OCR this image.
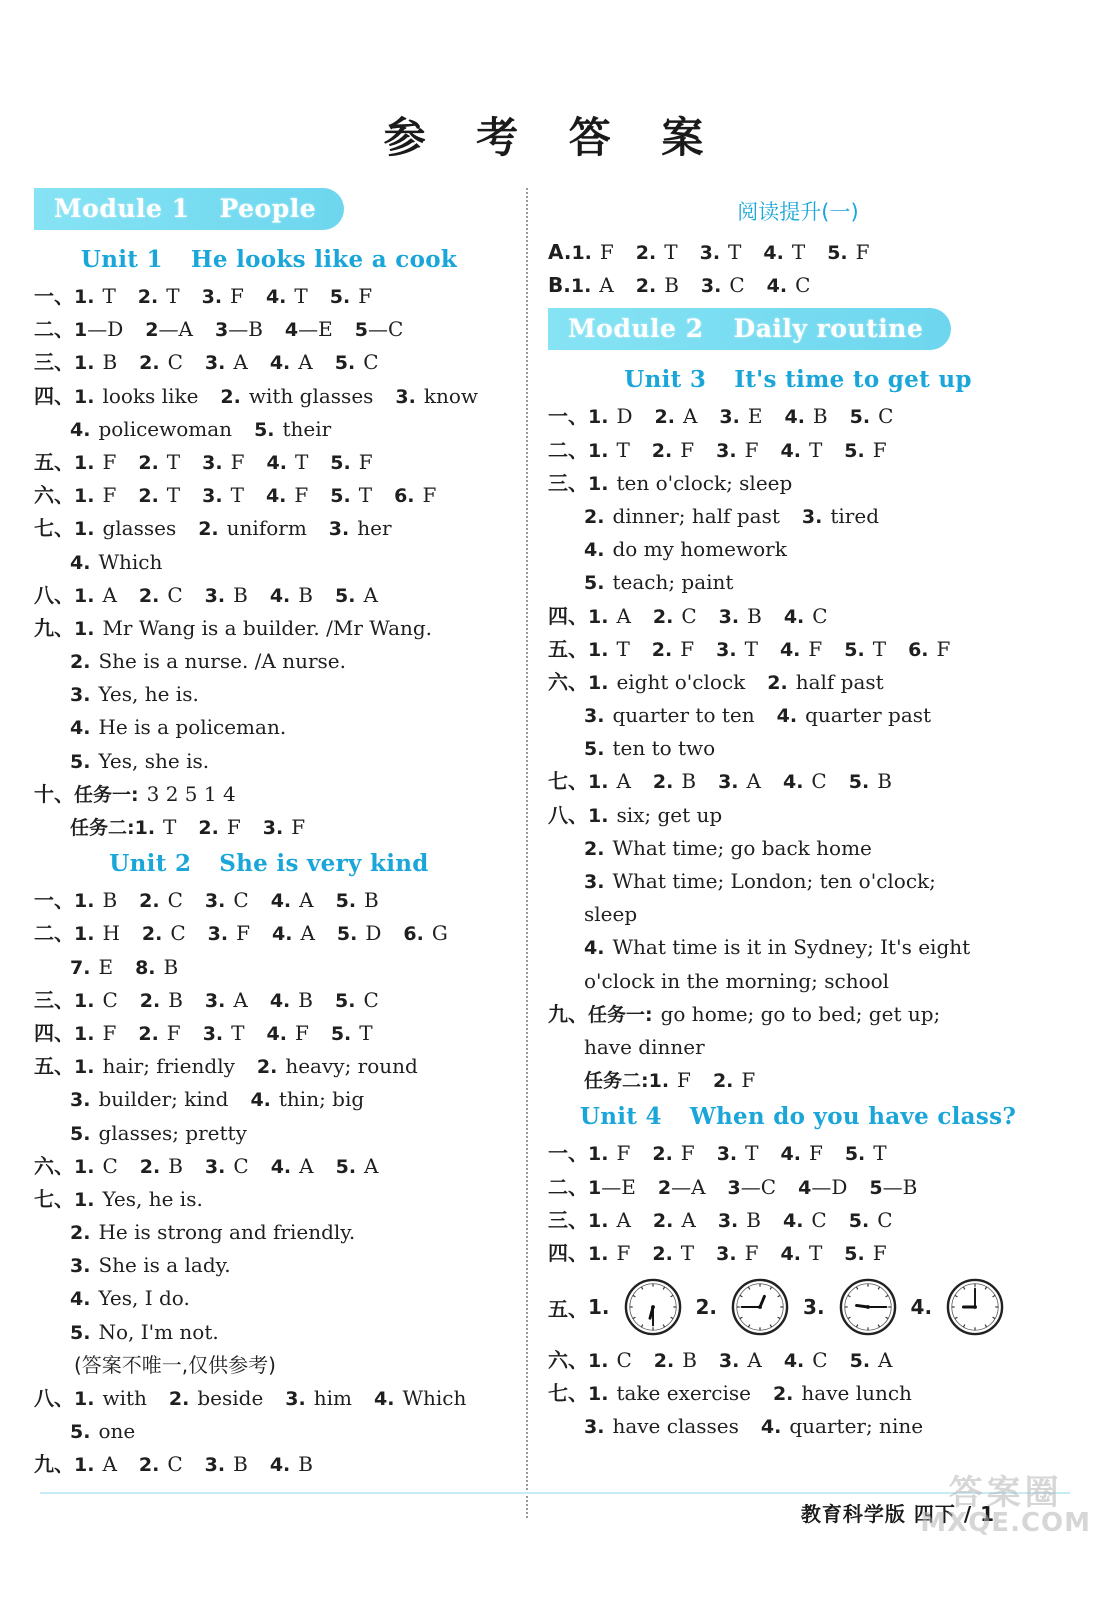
参 考 答 案
Module 1 People
Unit 1 He looks like a cook
一、1. T 2. T 3. F 4. T 5. F
二、1—D 2—A 3—B 4—E 5—C
三、1. B 2. C 3. A 4. A 5. C
四、1. looks like 2. with glasses 3. know
4. policewoman 5. their
五、1. F 2. T 3. F 4. T 5. F
六、1. F 2. T 3. T 4. F 5. T 6. F
七、1. glasses 2. uniform 3. her
4. Which
八、1. A 2. C 3. B 4. B 5. A
九、1. Mr Wang is a builder. /Mr Wang.
2. She is a nurse. /A nurse.
3. Yes, he is.
4. He is a policeman.
5. Yes, she is.
十、任务一: 3 2 5 1 4
任务二:1. T 2. F 3. F
Unit 2 She is very kind
一、1. B 2. C 3. C 4. A 5. B
二、1. H 2. C 3. F 4. A 5. D 6. G
7. E 8. B
三、1. C 2. B 3. A 4. B 5. C
四、1. F 2. F 3. T 4. F 5. T
五、1. hair; friendly 2. heavy; round
3. builder; kind 4. thin; big
5. glasses; pretty
六、1. C 2. B 3. C 4. A 5. A
七、1. Yes, he is.
2. He is strong and friendly.
3. She is a lady.
4. Yes, I do.
5. No, I'm not.
(答案不唯一,仅供参考)
八、1. with 2. beside 3. him 4. Which
5. one
九、1. A 2. C 3. B 4. B
阅读提升(一)
A.1. F 2. T 3. T 4. T 5. F
B.1. A 2. B 3. C 4. C
Module 2 Daily routine
Unit 3 It's time to get up
一、1. D 2. A 3. E 4. B 5. C
二、1. T 2. F 3. F 4. T 5. F
三、1. ten o'clock; sleep
2. dinner; half past 3. tired
4. do my homework
5. teach; paint
四、1. A 2. C 3. B 4. C
五、1. T 2. F 3. T 4. F 5. T 6. F
六、1. eight o'clock 2. half past
3. quarter to ten 4. quarter past
5. ten to two
七、1. A 2. B 3. A 4. C 5. B
八、1. six; get up
2. What time; go back home
3. What time; London; ten o'clock;
sleep
4. What time is it in Sydney; It's eight
o'clock in the morning; school
九、任务一: go home; go to bed; get up;
have dinner
任务二:1. F 2. F
Unit 4 When do you have class?
一、1. F 2. F 3. T 4. F 5. T
二、1—E 2—A 3—C 4—D 5—B
三、1. A 2. A 3. B 4. C 5. C
四、1. F 2. T 3. F 4. T 5. F
五、 1.	2.	3.	4.
六、1. C 2. B 3. A 4. C 5. A
七、1. take exercise 2. have lunch
3. have classes 4. quarter; nine
教育科学版 四下 / 1
答案圈
MXQE.COM
